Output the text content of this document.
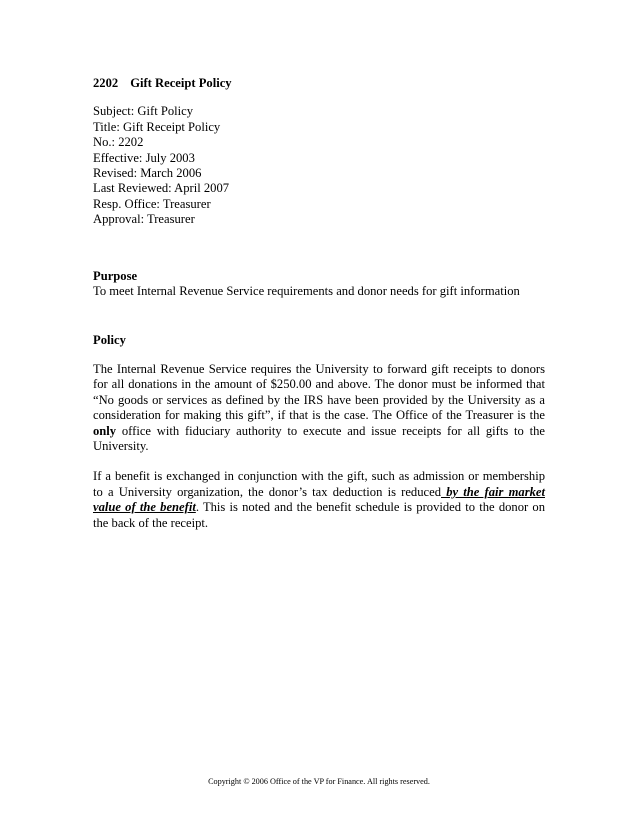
2202 Gift Receipt Policy

Subject: Gift Policy

Title: Gift Receipt Policy

No.: 2202

Effective: July 2003

Revised: March 2006

Last Reviewed: April 2007

Resp. Office: Treasurer

Approval: Treasurer

Purpose

To meet Internal Revenue Service requirements and donor needs for gift information

Policy

The Internal Revenue Service requires the University to forward gift receipts to donors for all donations in the amount of $250.00 and above. The donor must be informed that “No goods or services as defined by the IRS have been provided by the University as a consideration for making this gift”, if that is the case. The Office of the Treasurer is the only office with fiduciary authority to execute and issue receipts for all gifts to the University.

If a benefit is exchanged in conjunction with the gift, such as admission or membership to a University organization, the donor’s tax deduction is reduced by the fair market value of the benefit. This is noted and the benefit schedule is provided to the donor on the back of the receipt.

Copyright © 2006 Office of the VP for Finance. All rights reserved.
